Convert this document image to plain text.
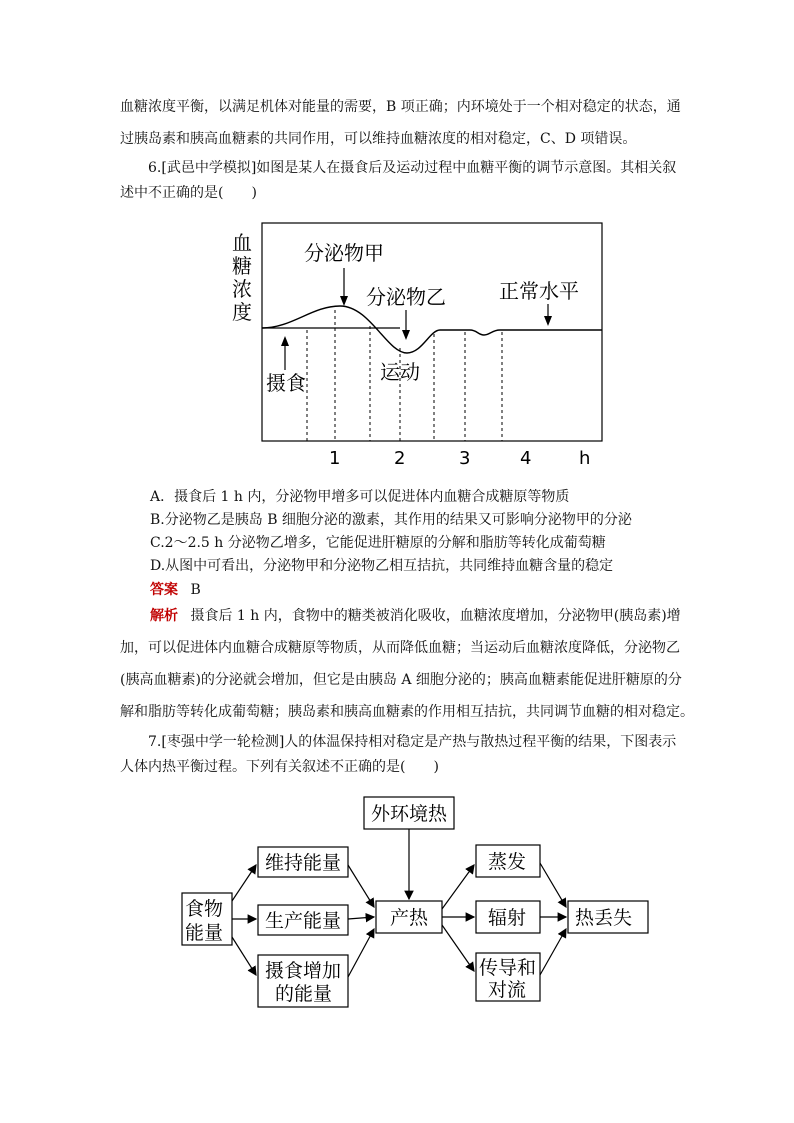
血糖浓度平衡，以满足机体对能量的需要，B 项正确；内环境处于一个相对稳定的状态，通
过胰岛素和胰高血糖素的共同作用，可以维持血糖浓度的相对稳定，C、D 项错误。
6.[武邑中学模拟]如图是某人在摄食后及运动过程中血糖平衡的调节示意图。其相关叙
述中不正确的是(　　)
血
糖
浓
度
分泌物甲
分泌物乙	正常水平
摄食	运动
1	2	3	4	h
A．摄食后 1 h 内，分泌物甲增多可以促进体内血糖合成糖原等物质
B.分泌物乙是胰岛 B 细胞分泌的激素，其作用的结果又可影响分泌物甲的分泌
C.2～2.5 h 分泌物乙增多，它能促进肝糖原的分解和脂肪等转化成葡萄糖
D.从图中可看出，分泌物甲和分泌物乙相互拮抗，共同维持血糖含量的稳定
答案 B
解析 摄食后 1 h 内，食物中的糖类被消化吸收，血糖浓度增加，分泌物甲(胰岛素)增
加，可以促进体内血糖合成糖原等物质，从而降低血糖；当运动后血糖浓度降低，分泌物乙
(胰高血糖素)的分泌就会增加，但它是由胰岛 A 细胞分泌的；胰高血糖素能促进肝糖原的分
解和脂肪等转化成葡萄糖；胰岛素和胰高血糖素的作用相互拮抗，共同调节血糖的相对稳定。
7.[枣强中学一轮检测]人的体温保持相对稳定是产热与散热过程平衡的结果，下图表示
人体内热平衡过程。下列有关叙述不正确的是(　　)
食物
能量
维持能量
生产能量
摄食增加
的能量
外环境热
产热
蒸发
辐射
传导和
对流
热丢失
